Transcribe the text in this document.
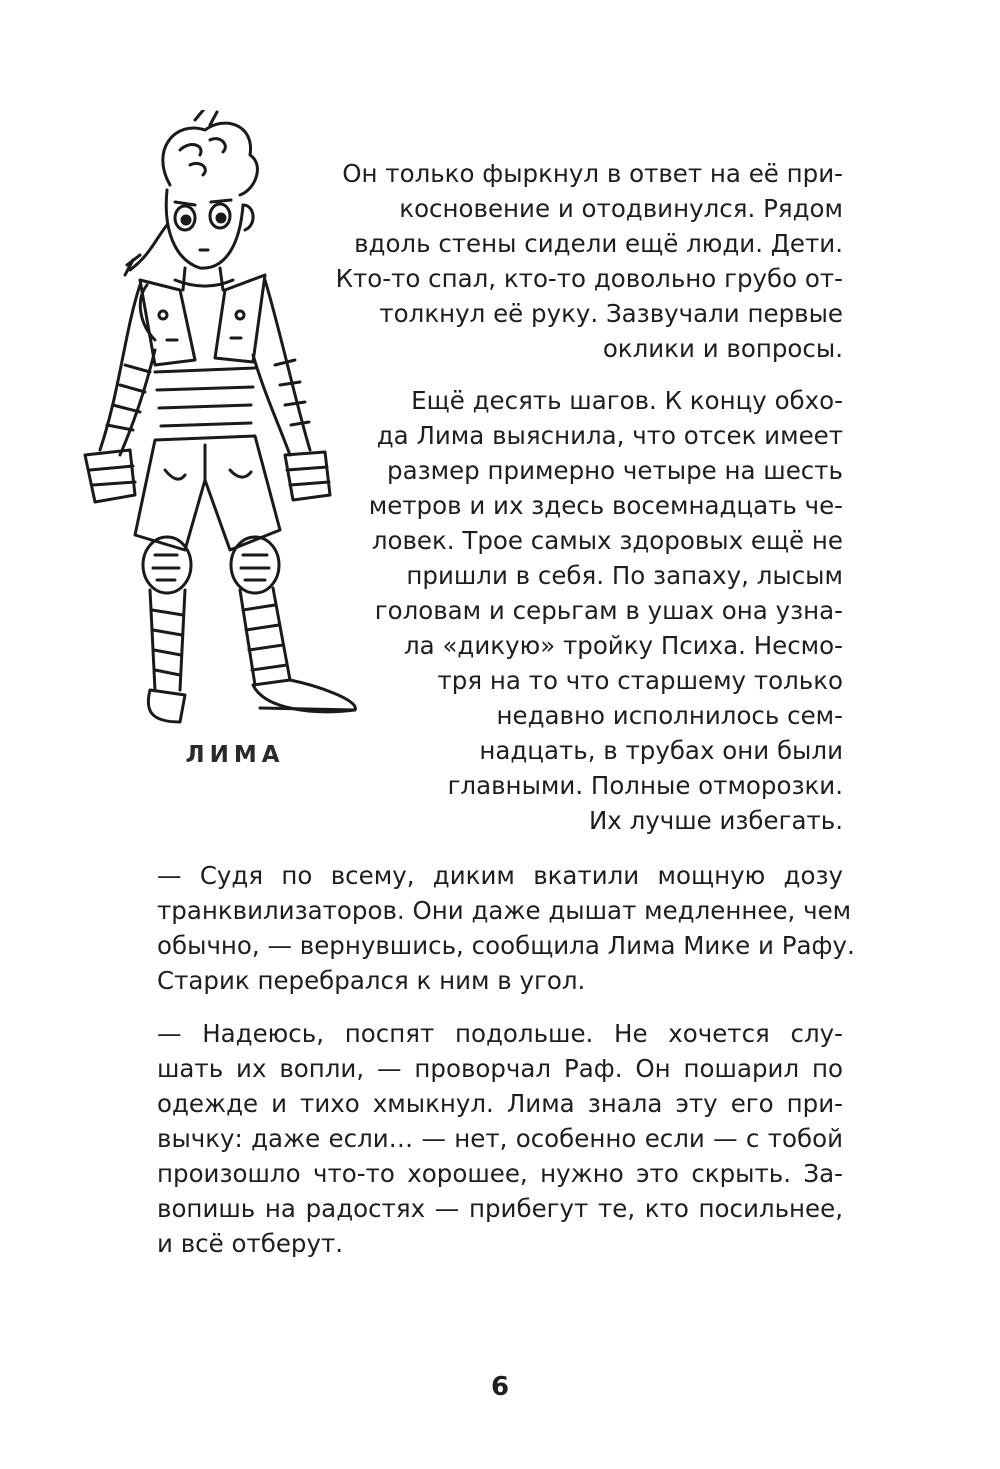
ЛИМА

Он только фыркнул в ответ на её при-

косновение и отодвинулся. Рядом

вдоль стены сидели ещё люди. Дети.

Кто-то спал, кто-то довольно грубо от-

толкнул её руку. Зазвучали первые

оклики и вопросы.

Ещё десять шагов. К концу обхо-

да Лима выяснила, что отсек имеет

размер примерно четыре на шесть

метров и их здесь восемнадцать че-

ловек. Трое самых здоровых ещё не

пришли в себя. По запаху, лысым

головам и серьгам в ушах она узна-

ла «дикую» тройку Психа. Несмо-

тря на то что старшему только

недавно исполнилось сем-

надцать, в трубах они были

главными. Полные отморозки.

Их лучше избегать.

— Судя по всему, диким вкатили мощную дозу

транквилизаторов. Они даже дышат медленнее, чем

обычно, — вернувшись, сообщила Лима Мике и Рафу.

Старик перебрался к ним в угол.

— Надеюсь, поспят подольше. Не хочется слу-

шать их вопли, — проворчал Раф. Он пошарил по

одежде и тихо хмыкнул. Лима знала эту его при-

вычку: даже если… — нет, особенно если — с тобой

произошло что-то хорошее, нужно это скрыть. За-

вопишь на радостях — прибегут те, кто посильнее,

и всё отберут.

6
